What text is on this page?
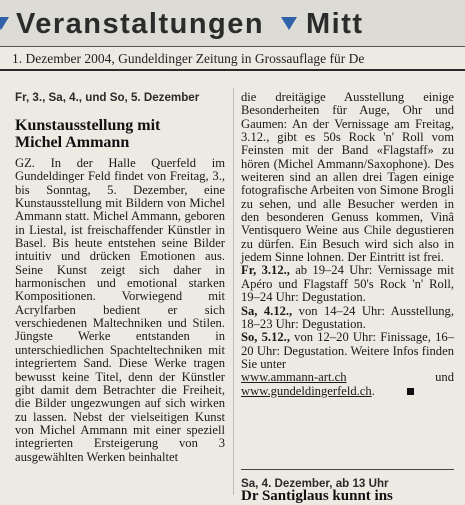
Veranstaltungen Mitt
1. Dezember 2004, Gundeldinger Zeitung in Grossauflage für De

Fr, 3., Sa, 4., und So, 5. Dezember

Kunstausstellung mit
Michel Ammann

GZ. In der Halle Querfeld im Gundeldinger Feld findet von Freitag, 3., bis Sonntag, 5. Dezember, eine Kunstausstellung mit Bildern von Michel Ammann statt. Michel Ammann, geboren in Liestal, ist freischaffender Künstler in Basel. Bis heute entstehen seine Bilder intuitiv und drücken Emotionen aus. Seine Kunst zeigt sich daher in harmonischen und emotional starken Kompositionen. Vorwiegend mit Acrylfarben bedient er sich verschiedenen Maltechniken und Stilen. Jüngste Werke entstanden in unterschiedlichen Spachteltechniken mit integriertem Sand. Diese Werke tragen bewusst keine Titel, denn der Künstler gibt damit dem Betrachter die Freiheit, die Bilder ungezwungen auf sich wirken zu lassen. Nebst der vielseitigen Kunst von Michel Ammann mit einer speziell integrierten Ersteigerung von 3 ausgewählten Werken beinhaltet

die dreitägige Ausstellung einige Besonderheiten für Auge, Ohr und Gaumen: An der Vernissage am Freitag, 3.12., gibt es 50s Rock 'n' Roll vom Feinsten mit der Band «Flagstaff» zu hören (Michel Ammann/Saxophone). Des weiteren sind an allen drei Tagen einige fotografische Arbeiten von Simone Brogli zu sehen, und alle Besucher werden in den besonderen Genuss kommen, Vinâ Ventisquero Weine aus Chile degustieren zu dürfen. Ein Besuch wird sich also in jedem Sinne lohnen. Der Eintritt ist frei.

Fr, 3.12., ab 19–24 Uhr: Vernissage mit Apéro und Flagstaff 50's Rock 'n' Roll, 19–24 Uhr: Degustation.
Sa, 4.12., von 14–24 Uhr: Ausstellung, 18–23 Uhr: Degustation.
So, 5.12., von 12–20 Uhr: Finissage, 16–20 Uhr: Degustation. Weitere Infos finden Sie unter

www.ammann-art.ch und www.gundeldingerfeld.ch.

Sa, 4. Dezember, ab 13 Uhr
Dr Santiglaus kunnt ins
